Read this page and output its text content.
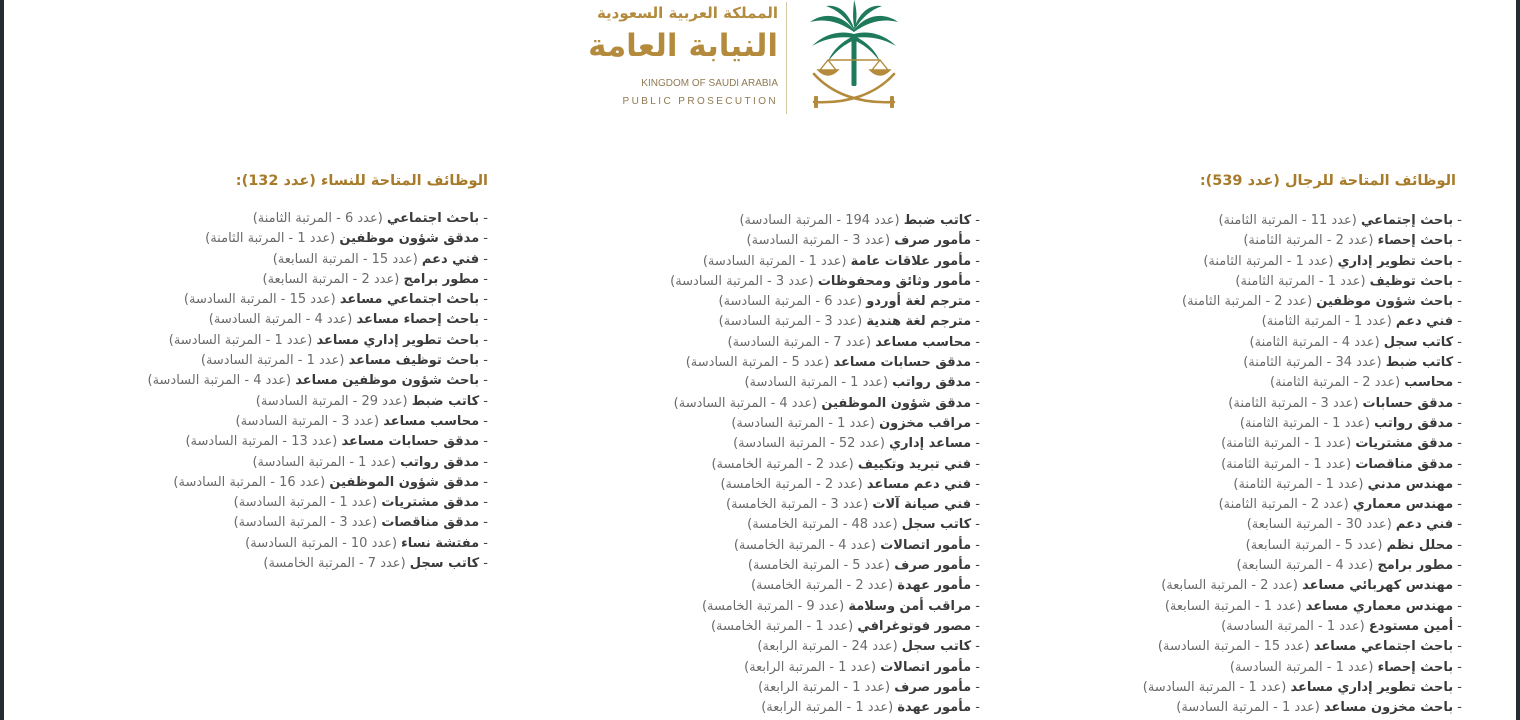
المملكة العربية السعودية
النيابة العامة
KINGDOM OF SAUDI ARABIA
PUBLIC PROSECUTION
الوظائف المتاحة للرجال (عدد 539):
الوظائف المتاحة للنساء (عدد 132):
- باحث إجتماعي (عدد 11 - المرتبة الثامنة)
- باحث إحصاء (عدد 2 - المرتبة الثامنة)
- باحث تطوير إداري (عدد 1 - المرتبة الثامنة)
- باحث توظيف (عدد 1 - المرتبة الثامنة)
- باحث شؤون موظفين (عدد 2 - المرتبة الثامنة)
- فني دعم (عدد 1 - المرتبة الثامنة)
- كاتب سجل (عدد 4 - المرتبة الثامنة)
- كاتب ضبط (عدد 34 - المرتبة الثامنة)
- محاسب (عدد 2 - المرتبة الثامنة)
- مدقق حسابات (عدد 3 - المرتبة الثامنة)
- مدقق رواتب (عدد 1 - المرتبة الثامنة)
- مدقق مشتريات (عدد 1 - المرتبة الثامنة)
- مدقق مناقصات (عدد 1 - المرتبة الثامنة)
- مهندس مدني (عدد 1 - المرتبة الثامنة)
- مهندس معماري (عدد 2 - المرتبة الثامنة)
- فني دعم (عدد 30 - المرتبة السابعة)
- محلل نظم (عدد 5 - المرتبة السابعة)
- مطور برامج (عدد 4 - المرتبة السابعة)
- مهندس كهربائي مساعد (عدد 2 - المرتبة السابعة)
- مهندس معماري مساعد (عدد 1 - المرتبة السابعة)
- أمين مستودع (عدد 1 - المرتبة السادسة)
- باحث اجتماعي مساعد (عدد 15 - المرتبة السادسة)
- باحث إحصاء (عدد 1 - المرتبة السادسة)
- باحث تطوير إداري مساعد (عدد 1 - المرتبة السادسة)
- باحث مخزون مساعد (عدد 1 - المرتبة السادسة)
- كاتب ضبط (عدد 194 - المرتبة السادسة)
- مأمور صرف (عدد 3 - المرتبة السادسة)
- مأمور علاقات عامة (عدد 1 - المرتبة السادسة)
- مأمور وثائق ومحفوظات (عدد 3 - المرتبة السادسة)
- مترجم لغة أوردو (عدد 6 - المرتبة السادسة)
- مترجم لغة هندية (عدد 3 - المرتبة السادسة)
- محاسب مساعد (عدد 7 - المرتبة السادسة)
- مدقق حسابات مساعد (عدد 5 - المرتبة السادسة)
- مدقق رواتب (عدد 1 - المرتبة السادسة)
- مدقق شؤون الموظفين (عدد 4 - المرتبة السادسة)
- مراقب مخزون (عدد 1 - المرتبة السادسة)
- مساعد إداري (عدد 52 - المرتبة السادسة)
- فني تبريد وتكييف (عدد 2 - المرتبة الخامسة)
- فني دعم مساعد (عدد 2 - المرتبة الخامسة)
- فني صيانة آلات (عدد 3 - المرتبة الخامسة)
- كاتب سجل (عدد 48 - المرتبة الخامسة)
- مأمور اتصالات (عدد 4 - المرتبة الخامسة)
- مأمور صرف (عدد 5 - المرتبة الخامسة)
- مأمور عهدة (عدد 2 - المرتبة الخامسة)
- مراقب أمن وسلامة (عدد 9 - المرتبة الخامسة)
- مصور فوتوغرافي (عدد 1 - المرتبة الخامسة)
- كاتب سجل (عدد 24 - المرتبة الرابعة)
- مأمور اتصالات (عدد 1 - المرتبة الرابعة)
- مأمور صرف (عدد 1 - المرتبة الرابعة)
- مأمور عهدة (عدد 1 - المرتبة الرابعة)
- باحث اجتماعي (عدد 6 - المرتبة الثامنة)
- مدقق شؤون موظفين (عدد 1 - المرتبة الثامنة)
- فني دعم (عدد 15 - المرتبة السابعة)
- مطور برامج (عدد 2 - المرتبة السابعة)
- باحث اجتماعي مساعد (عدد 15 - المرتبة السادسة)
- باحث إحصاء مساعد (عدد 4 - المرتبة السادسة)
- باحث تطوير إداري مساعد (عدد 1 - المرتبة السادسة)
- باحث توظيف مساعد (عدد 1 - المرتبة السادسة)
- باحث شؤون موظفين مساعد (عدد 4 - المرتبة السادسة)
- كاتب ضبط (عدد 29 - المرتبة السادسة)
- محاسب مساعد (عدد 3 - المرتبة السادسة)
- مدقق حسابات مساعد (عدد 13 - المرتبة السادسة)
- مدقق رواتب (عدد 1 - المرتبة السادسة)
- مدقق شؤون الموظفين (عدد 16 - المرتبة السادسة)
- مدقق مشتريات (عدد 1 - المرتبة السادسة)
- مدقق مناقصات (عدد 3 - المرتبة السادسة)
- مفتشة نساء (عدد 10 - المرتبة السادسة)
- كاتب سجل (عدد 7 - المرتبة الخامسة)
